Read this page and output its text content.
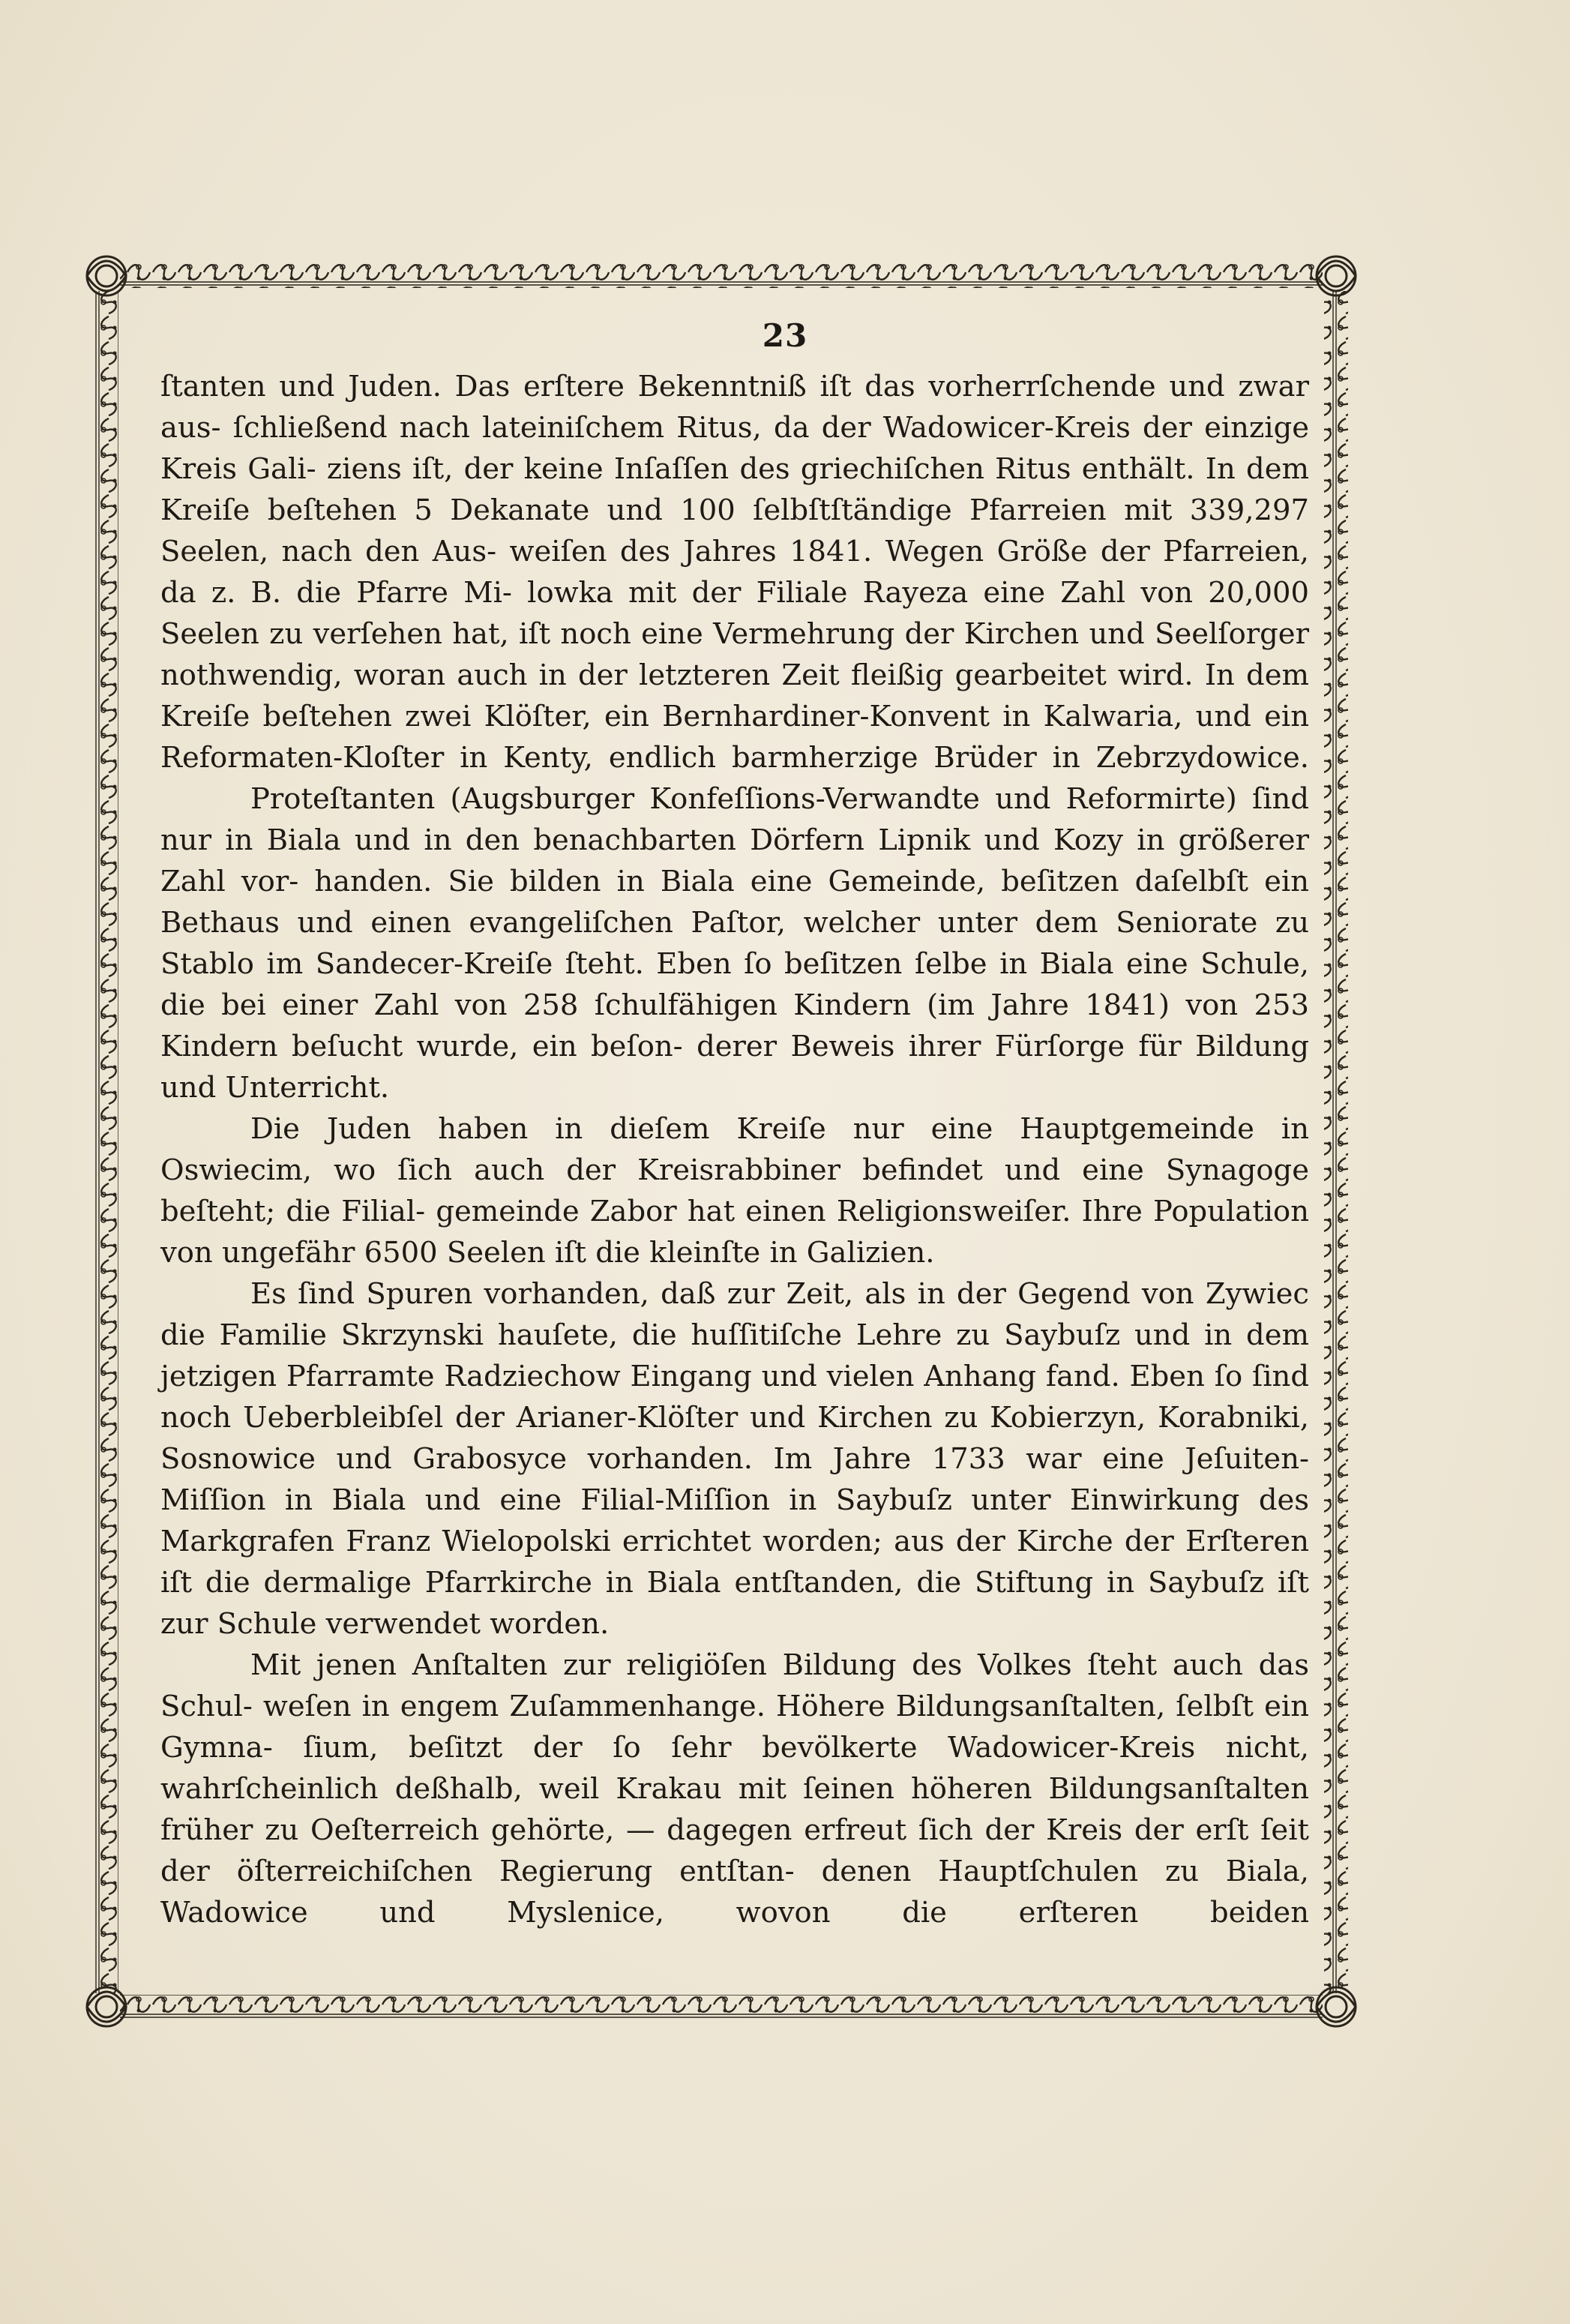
23

ſtanten und Juden. Das erſtere Bekenntniß iſt das vorherrſchende und zwar aus- ſchließend nach lateiniſchem Ritus, da der Wadowicer-Kreis der einzige Kreis Gali- ziens iſt, der keine Inſaſſen des griechiſchen Ritus enthält. In dem Kreiſe beſtehen 5 Dekanate und 100 ſelbſtſtändige Pfarreien mit 339,297 Seelen, nach den Aus- weiſen des Jahres 1841. Wegen Größe der Pfarreien, da z. B. die Pfarre Mi- lowka mit der Filiale Rayeza eine Zahl von 20,000 Seelen zu verſehen hat, iſt noch eine Vermehrung der Kirchen und Seelſorger nothwendig, woran auch in der letzteren Zeit fleißig gearbeitet wird. In dem Kreiſe beſtehen zwei Klöſter, ein Bernhardiner-Konvent in Kalwaria, und ein Reformaten-Kloſter in Kenty, endlich barmherzige Brüder in Zebrzydowice.

Proteſtanten (Augsburger Konfeſſions-Verwandte und Reformirte) ſind nur in Biala und in den benachbarten Dörfern Lipnik und Kozy in größerer Zahl vor- handen. Sie bilden in Biala eine Gemeinde, beſitzen daſelbſt ein Bethaus und einen evangeliſchen Paſtor, welcher unter dem Seniorate zu Stablo im Sandecer-Kreiſe ſteht. Eben ſo beſitzen ſelbe in Biala eine Schule, die bei einer Zahl von 258 ſchulfähigen Kindern (im Jahre 1841) von 253 Kindern beſucht wurde, ein beſon- derer Beweis ihrer Fürſorge für Bildung und Unterricht.

Die Juden haben in dieſem Kreiſe nur eine Hauptgemeinde in Oswiecim, wo ſich auch der Kreisrabbiner befindet und eine Synagoge beſteht; die Filial- gemeinde Zabor hat einen Religionsweiſer. Ihre Population von ungefähr 6500 Seelen iſt die kleinſte in Galizien.

Es ſind Spuren vorhanden, daß zur Zeit, als in der Gegend von Zywiec die Familie Skrzynski hauſete, die huſſitiſche Lehre zu Saybuſz und in dem jetzigen Pfarramte Radziechow Eingang und vielen Anhang fand. Eben ſo ſind noch Ueberbleibſel der Arianer-Klöſter und Kirchen zu Kobierzyn, Korabniki, Sosnowice und Grabosyce vorhanden. Im Jahre 1733 war eine Jeſuiten- Miſſion in Biala und eine Filial-Miſſion in Saybuſz unter Einwirkung des Markgrafen Franz Wielopolski errichtet worden; aus der Kirche der Erſteren iſt die dermalige Pfarrkirche in Biala entſtanden, die Stiftung in Saybuſz iſt zur Schule verwendet worden.

Mit jenen Anſtalten zur religiöſen Bildung des Volkes ſteht auch das Schul- weſen in engem Zuſammenhange. Höhere Bildungsanſtalten, ſelbſt ein Gymna- ſium, beſitzt der ſo ſehr bevölkerte Wadowicer-Kreis nicht, wahrſcheinlich deßhalb, weil Krakau mit ſeinen höheren Bildungsanſtalten früher zu Oeſterreich gehörte, — dagegen erfreut ſich der Kreis der erſt ſeit der öſterreichiſchen Regierung entſtan- denen Hauptſchulen zu Biala, Wadowice und Myslenice, wovon die erſteren beiden
